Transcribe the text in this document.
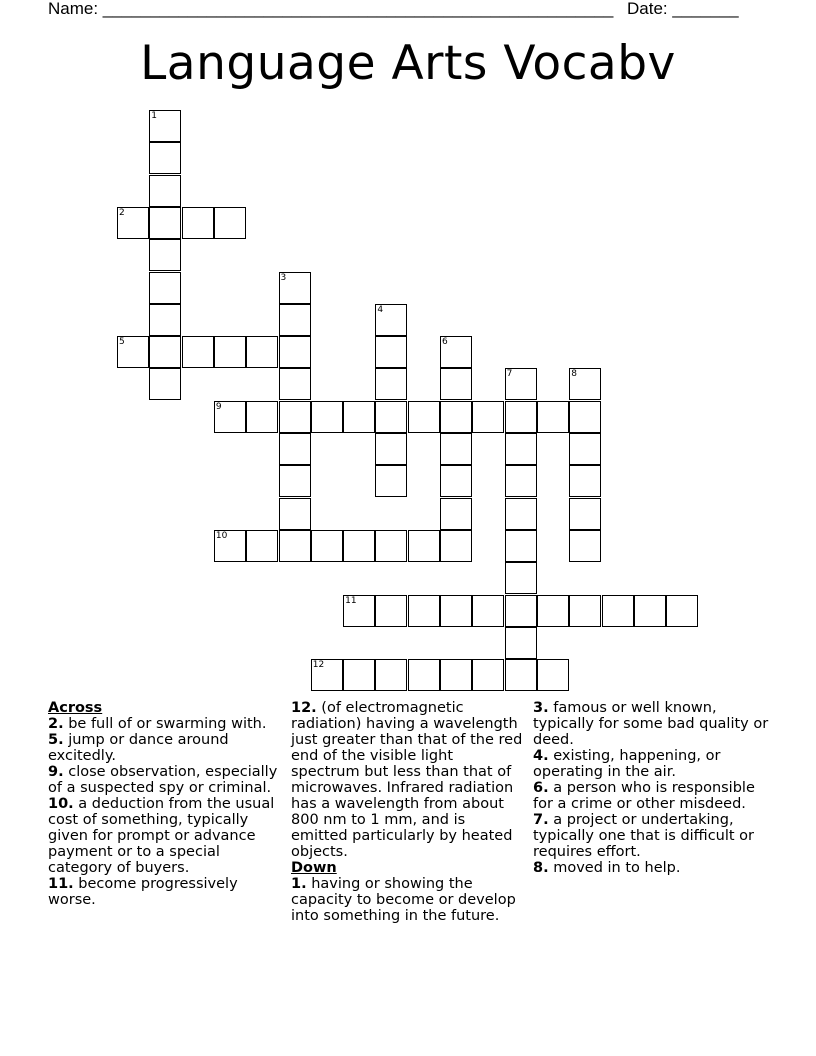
Name: ______________________________________________________ Date: _______
Language Arts Vocabv
1
2
3
4
5	6
7	8
9
10
11
12
Across

2. be full of or swarming with.

5. jump or dance around excitedly.

9. close observation, especially of a suspected spy or criminal.

10. a deduction from the usual cost of something, typically given for prompt or advance payment or to a special category of buyers.

11. become progressively worse.

12. (of electromagnetic radiation) having a wavelength just greater than that of the red end of the visible light spectrum but less than that of microwaves. Infrared radiation has a wavelength from about 800 nm to 1 mm, and is emitted particularly by heated objects.

Down

1. having or showing the capacity to become or develop into something in the future.

3. famous or well known, typically for some bad quality or deed.

4. existing, happening, or operating in the air.

6. a person who is responsible for a crime or other misdeed.

7. a project or undertaking, typically one that is difficult or requires effort.

8. moved in to help.
